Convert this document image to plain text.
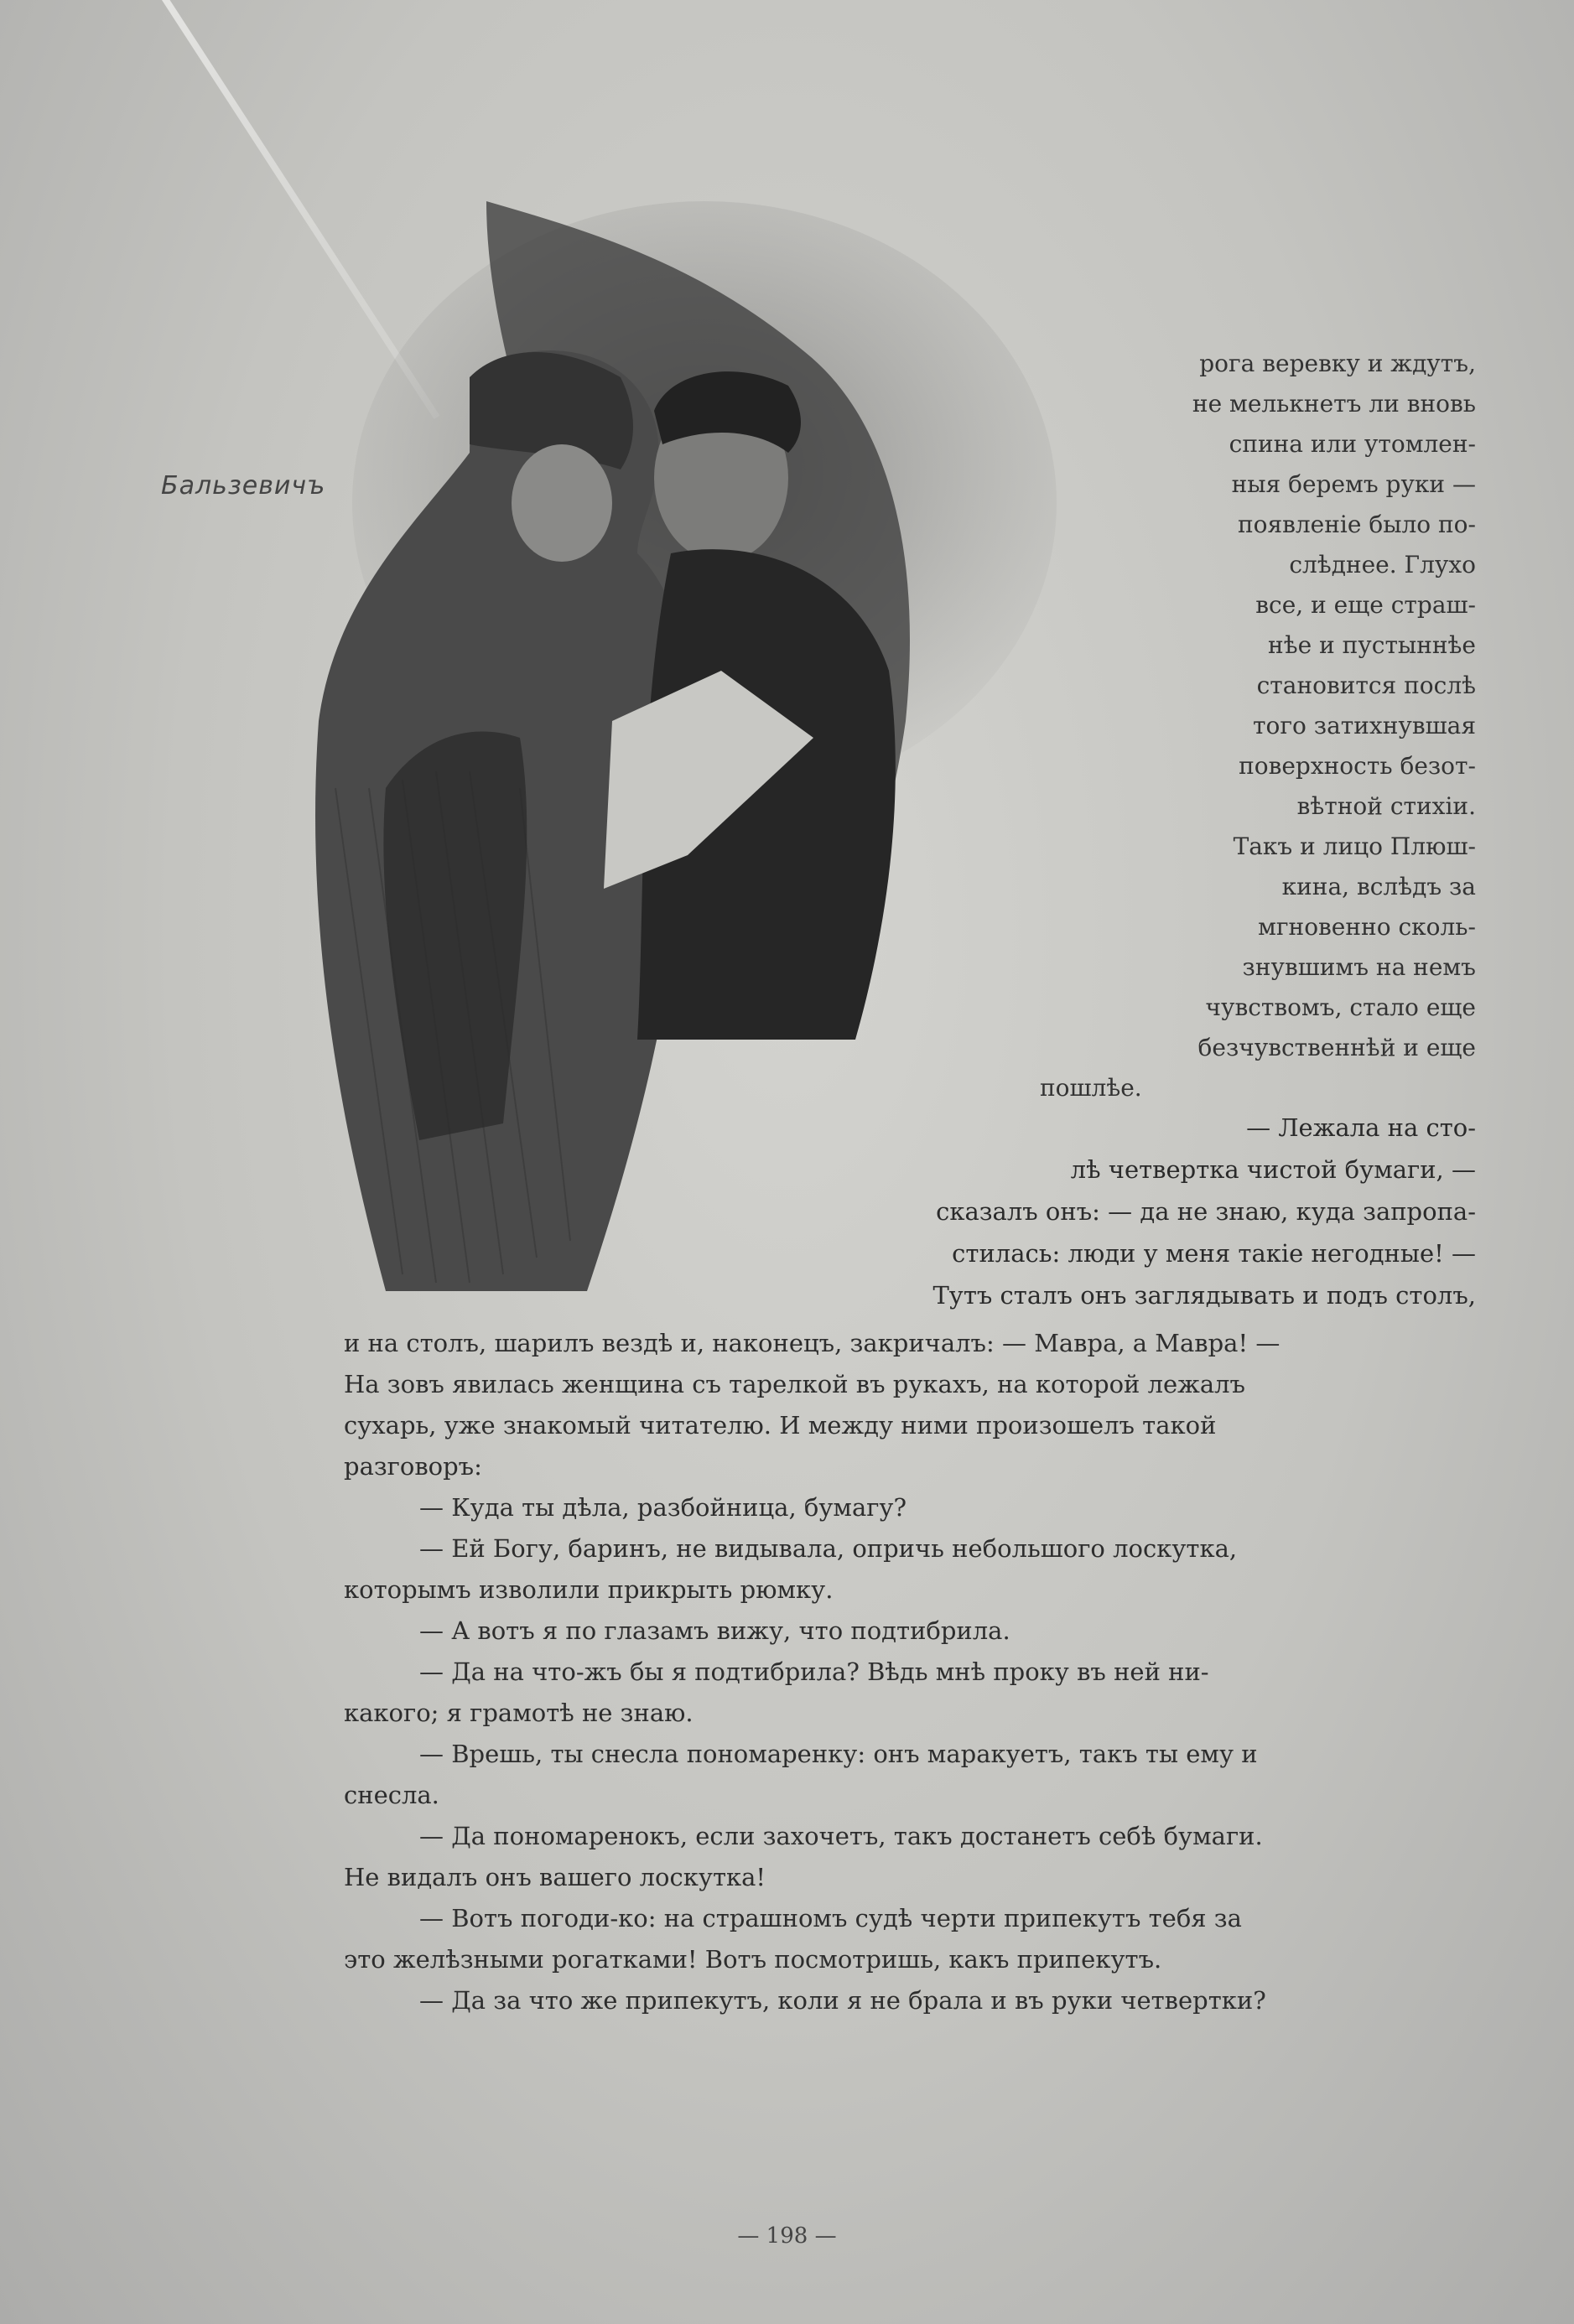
Бальзевичъ
рога веревку и ждутъ,
не мелькнетъ ли вновь
спина или утомлен-
ныя беремъ руки —
появленіе было по-
слѣднее. Глухо
все, и еще страш-
нѣе и пустыннѣе
становится послѣ
того затихнувшая
поверхность безот-
вѣтной стихіи.
Такъ и лицо Плюш-
кина, вслѣдъ за
мгновенно сколь-
знувшимъ на немъ
чувствомъ, стало еще
безчувственнѣй и еще
пошлѣе.
— Лежала на сто-
лѣ четвертка чистой бумаги, —
сказалъ онъ: — да не знаю, куда запропа-
стилась: люди у меня такіе негодные! —
Тутъ сталъ онъ заглядывать и подъ столъ,
и на столъ, шарилъ вездѣ и, наконецъ, закричалъ: — Мавра, а Мавра! —
На зовъ явилась женщина съ тарелкой въ рукахъ, на которой лежалъ
сухарь, уже знакомый читателю. И между ними произошелъ такой
разговоръ:
— Куда ты дѣла, разбойница, бумагу?
— Ей Богу, баринъ, не видывала, опричь небольшого лоскутка,
которымъ изволили прикрыть рюмку.
— А вотъ я по глазамъ вижу, что подтибрила.
— Да на что-жъ бы я подтибрила? Вѣдь мнѣ проку въ ней ни-
какого; я грамотѣ не знаю.
— Врешь, ты снесла пономаренку: онъ маракуетъ, такъ ты ему и
снесла.
— Да пономаренокъ, если захочетъ, такъ достанетъ себѣ бумаги.
Не видалъ онъ вашего лоскутка!
— Вотъ погоди-ко: на страшномъ судѣ черти припекутъ тебя за
это желѣзными рогатками! Вотъ посмотришь, какъ припекутъ.
— Да за что же припекутъ, коли я не брала и въ руки четвертки?
— 198 —
